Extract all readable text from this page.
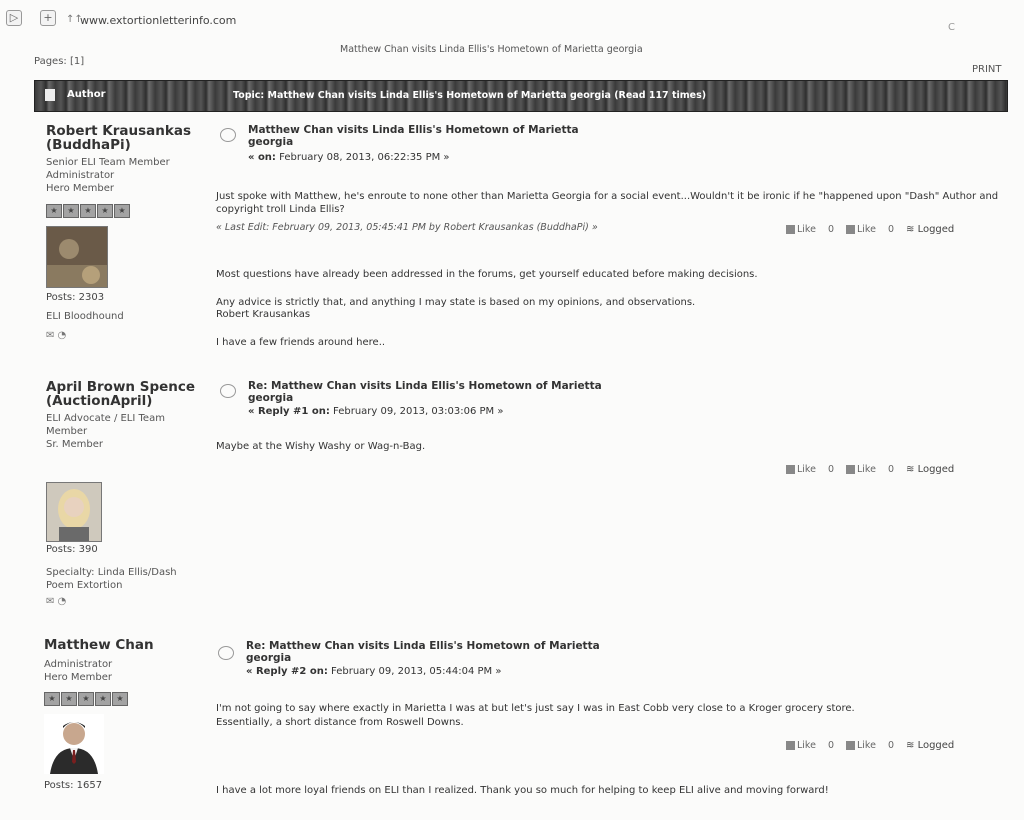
▷	+	↑↑
www.extortionletterinfo.com
C
Matthew Chan visits Linda Ellis's Hometown of Marietta georgia
Pages: [1]
PRINT
Author	Topic: Matthew Chan visits Linda Ellis's Hometown of Marietta georgia (Read 117 times)
Robert Krausankas (BuddhaPi)
Senior ELI Team Member
Administrator
Hero Member
★	★	★	★	★
Posts: 2303
ELI Bloodhound
✉ ◔
Matthew Chan visits Linda Ellis's Hometown of Marietta georgia
« on: February 08, 2013, 06:22:35 PM »
Just spoke with Matthew, he's enroute to none other than Marietta Georgia for a social event...Wouldn't it be ironic if he "happened upon "Dash" Author and copyright troll Linda Ellis?
« Last Edit: February 09, 2013, 05:45:41 PM by Robert Krausankas (BuddhaPi) »	Like 0	Like 0 ≋ Logged
Most questions have already been addressed in the forums, get yourself educated before making decisions.
Any advice is strictly that, and anything I may state is based on my opinions, and observations.
Robert Krausankas
I have a few friends around here..
April Brown Spence (AuctionApril)
ELI Advocate / ELI Team Member
Sr. Member
Posts: 390
Specialty: Linda Ellis/Dash Poem Extortion
✉ ◔
Re: Matthew Chan visits Linda Ellis's Hometown of Marietta georgia
« Reply #1 on: February 09, 2013, 03:03:06 PM »
Maybe at the Wishy Washy or Wag-n-Bag.
Like 0	Like 0 ≋ Logged
Matthew Chan
Administrator
Hero Member
★	★	★	★	★
Posts: 1657
Re: Matthew Chan visits Linda Ellis's Hometown of Marietta georgia
« Reply #2 on: February 09, 2013, 05:44:04 PM »
I'm not going to say where exactly in Marietta I was at but let's just say I was in East Cobb very close to a Kroger grocery store.
Essentially, a short distance from Roswell Downs.
Like 0	Like 0 ≋ Logged
I have a lot more loyal friends on ELI than I realized. Thank you so much for helping to keep ELI alive and moving forward!
